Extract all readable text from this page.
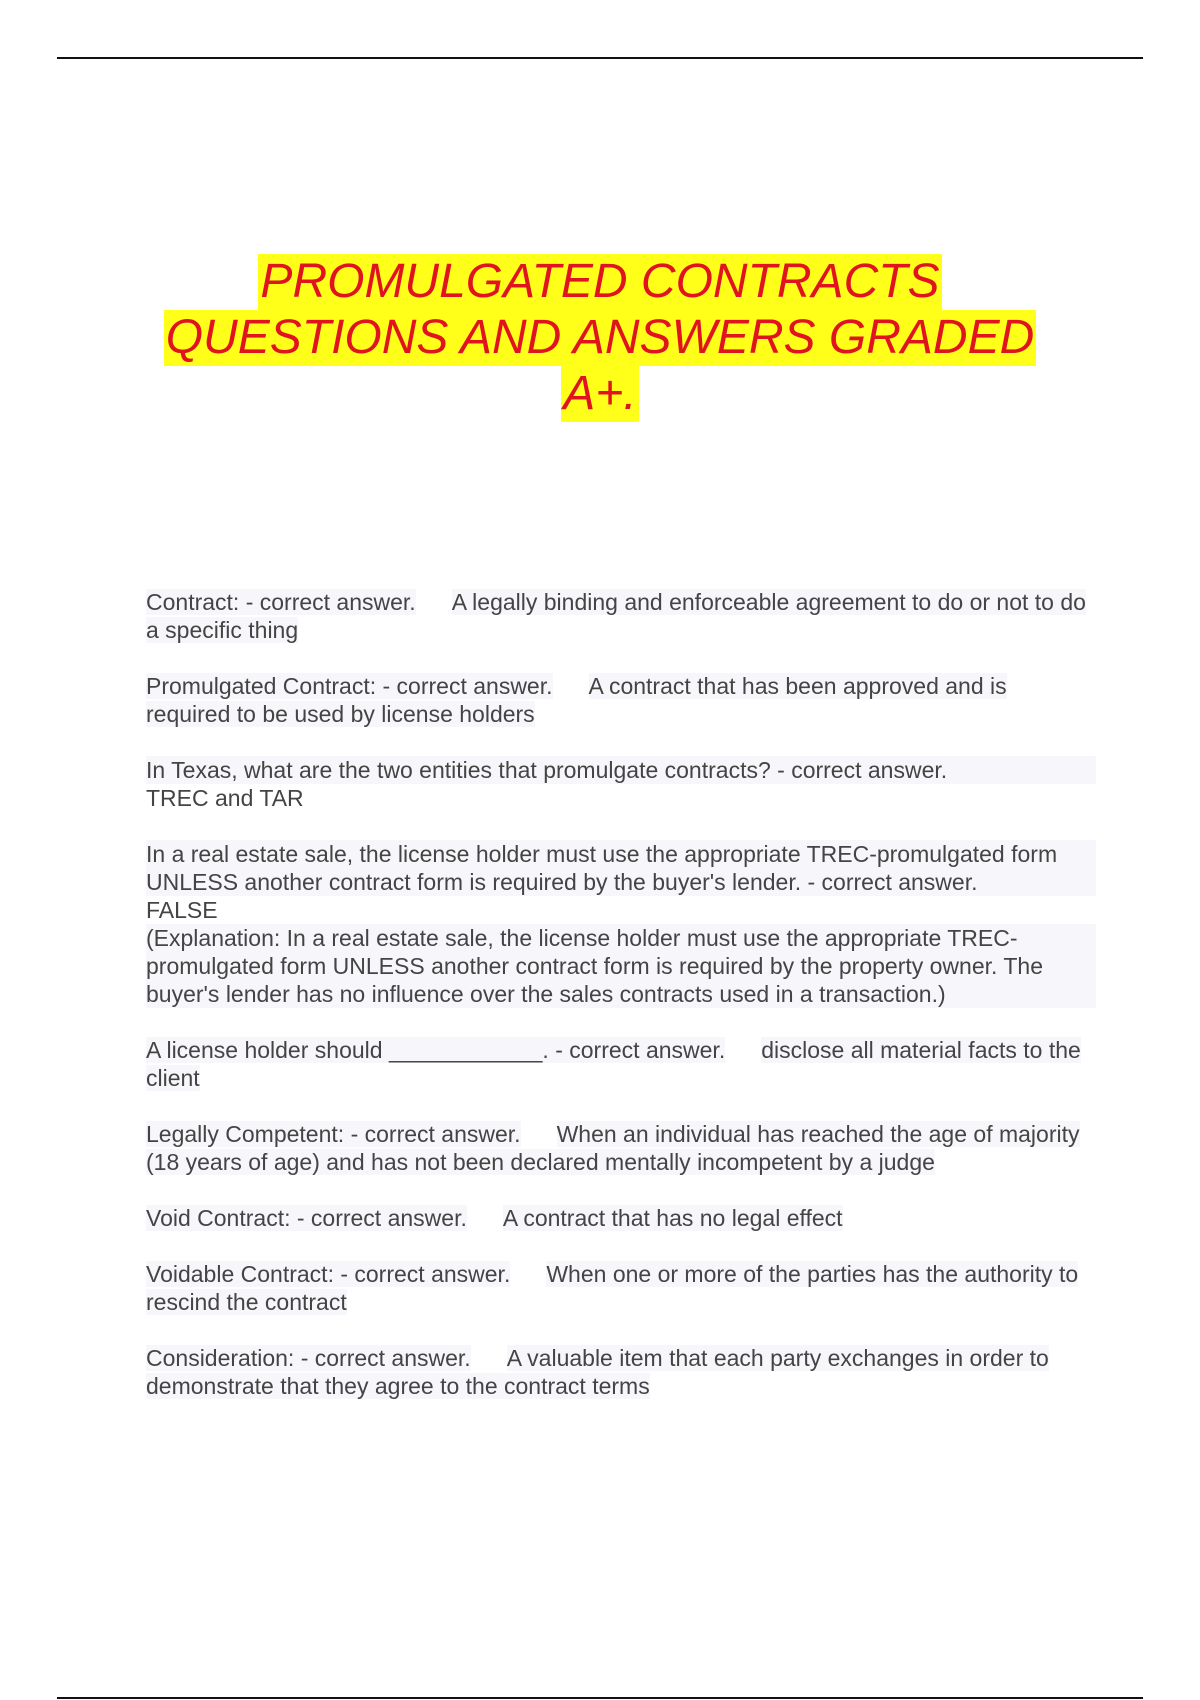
PROMULGATED CONTRACTS
QUESTIONS AND ANSWERS GRADED
A+.
Contract: - correct answer. A legally binding and enforceable agreement to do or not to do a specific thing
Promulgated Contract: - correct answer. A contract that has been approved and is required to be used by license holders
In Texas, what are the two entities that promulgate contracts? - correct answer.
TREC and TAR
In a real estate sale, the license holder must use the appropriate TREC-promulgated form UNLESS another contract form is required by the buyer's lender. - correct answer.
FALSE
(Explanation: In a real estate sale, the license holder must use the appropriate TREC-promulgated form UNLESS another contract form is required by the property owner. The buyer's lender has no influence over the sales contracts used in a transaction.)
A license holder should ____________. - correct answer. disclose all material facts to the client
Legally Competent: - correct answer. When an individual has reached the age of majority (18 years of age) and has not been declared mentally incompetent by a judge
Void Contract: - correct answer. A contract that has no legal effect
Voidable Contract: - correct answer. When one or more of the parties has the authority to rescind the contract
Consideration: - correct answer. A valuable item that each party exchanges in order to demonstrate that they agree to the contract terms
